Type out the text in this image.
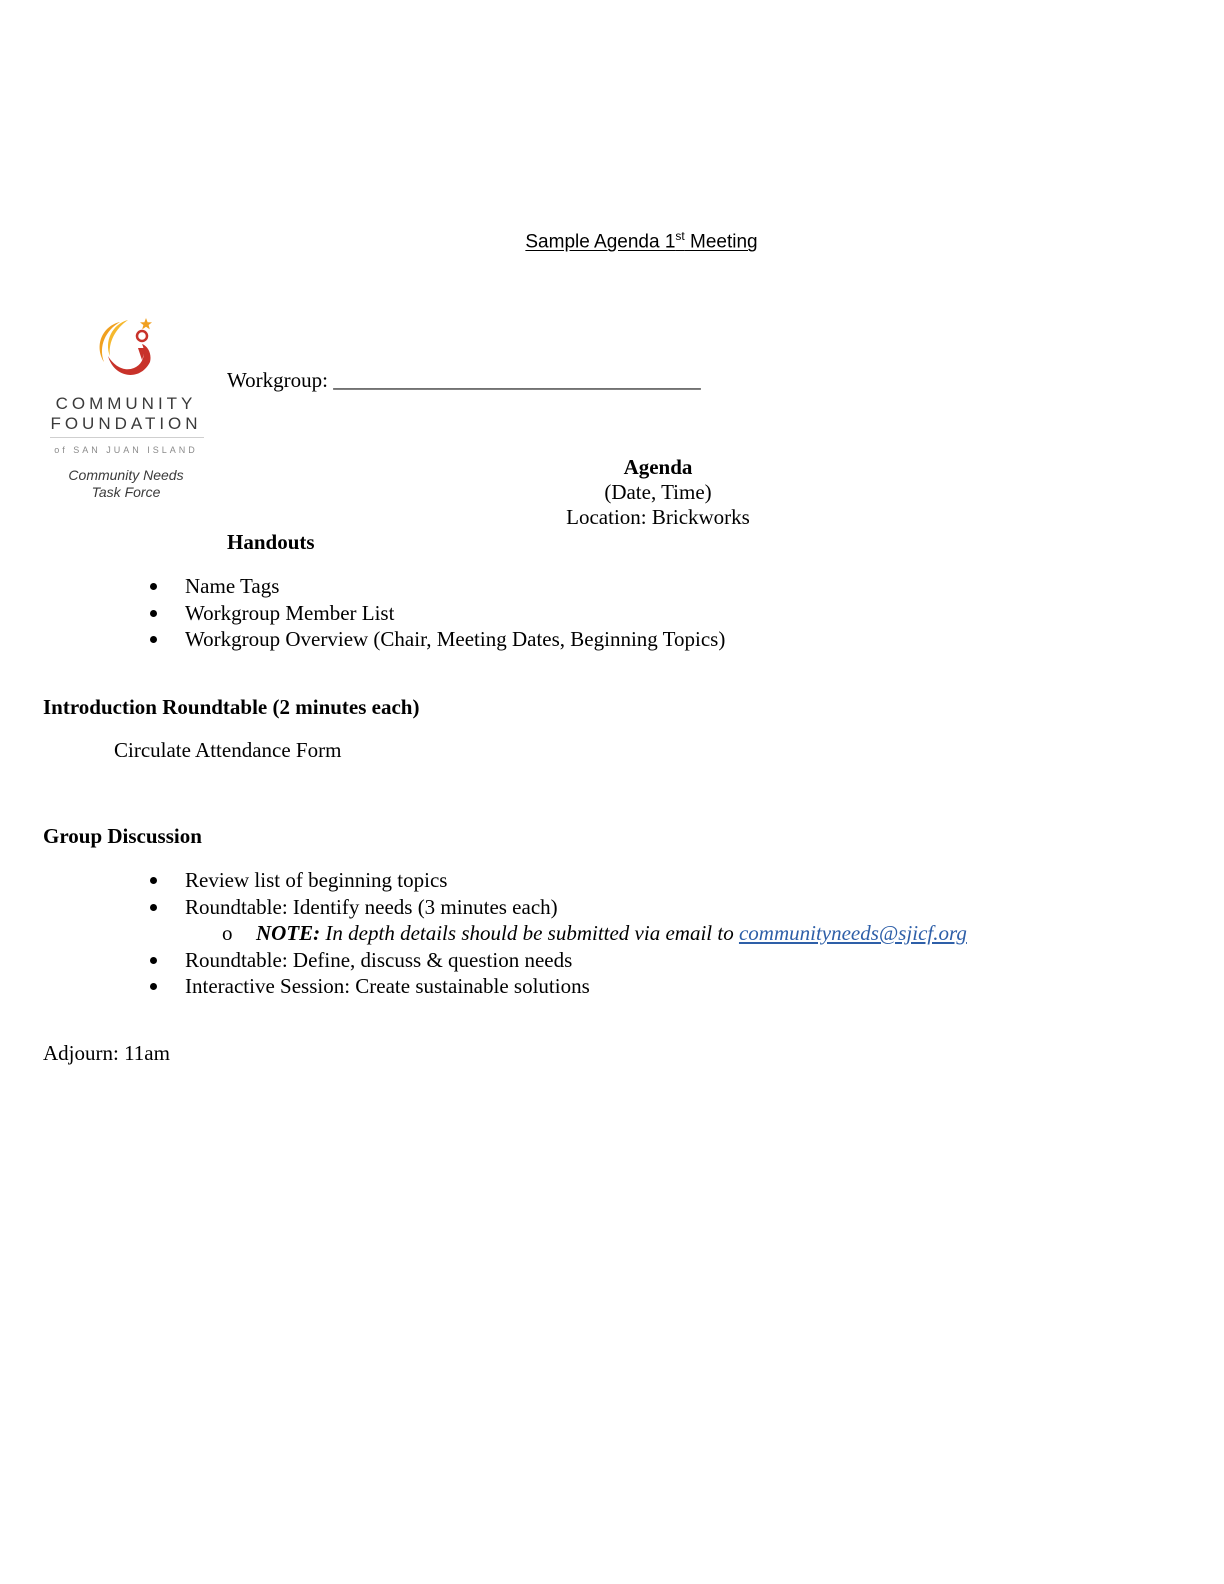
Sample Agenda 1st Meeting
COMMUNITY
FOUNDATION
of SAN JUAN ISLAND
Community Needs
Task Force
Workgroup: ___________________________________
Agenda
(Date, Time)
Location: Brickworks
Handouts
Name Tags
Workgroup Member List
Workgroup Overview (Chair, Meeting Dates, Beginning Topics)
Introduction Roundtable (2 minutes each)
Circulate Attendance Form
Group Discussion
Review list of beginning topics
Roundtable: Identify needs (3 minutes each)
o NOTE: In depth details should be submitted via email to communityneeds@sjicf.org
Roundtable: Define, discuss & question needs
Interactive Session: Create sustainable solutions
Adjourn: 11am
